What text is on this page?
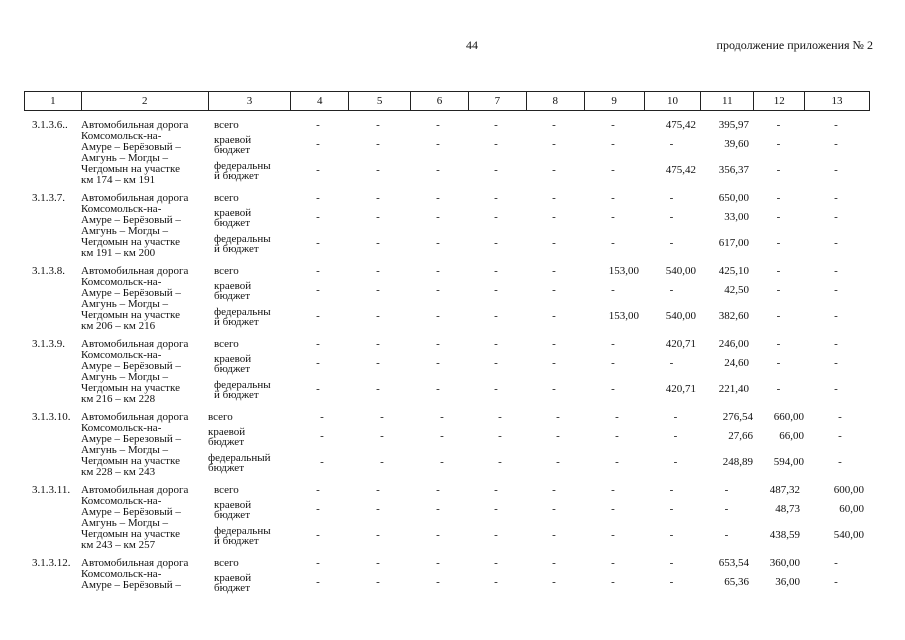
44	продолжение приложения № 2
1	2	3	4	5	6	7	8	9	10	11	12	13
3.1.3.6.. Автомобильная дорога
Комсомольск-на-
Амуре – Берёзовый –
Амгунь – Могды –
Чегдомын на участке
км 174 – км 191
всего	-	-	-	-	-	-	475,42	395,97	-	-
краевой
бюджет	-	-	-	-	-	-	-	39,60	-	-
федеральны
й бюджет	-	-	-	-	-	-	475,42	356,37	-	-
3.1.3.7. Автомобильная дорога
Комсомольск-на-
Амуре – Берёзовый –
Амгунь – Могды –
Чегдомын на участке
км 191 – км 200
всего	-	-	-	-	-	-	-	650,00	-	-
краевой
бюджет	-	-	-	-	-	-	-	33,00	-	-
федеральны
й бюджет	-	-	-	-	-	-	-	617,00	-	-
3.1.3.8. Автомобильная дорога
Комсомольск-на-
Амуре – Берёзовый –
Амгунь – Могды –
Чегдомын на участке
км 206 – км 216
всего	-	-	-	-	-	153,00	540,00	425,10	-	-
краевой
бюджет	-	-	-	-	-	-	-	42,50	-	-
федеральны
й бюджет	-	-	-	-	-	153,00	540,00	382,60	-	-
3.1.3.9. Автомобильная дорога
Комсомольск-на-
Амуре – Берёзовый –
Амгунь – Могды –
Чегдомын на участке
км 216 – км 228
всего	-	-	-	-	-	-	420,71	246,00	-	-
краевой
бюджет	-	-	-	-	-	-	-	24,60	-	-
федеральны
й бюджет	-	-	-	-	-	-	420,71	221,40	-	-
3.1.3.10. Автомобильная дорога
Комсомольск-на-
Амуре – Березовый –
Амгунь – Могды –
Чегдомын на участке
км 228 – км 243
всего	-	-	-	-	-	-	-	276,54	660,00	-
краевой
бюджет	-	-	-	-	-	-	-	27,66	66,00	-
федеральный
бюджет	-	-	-	-	-	-	-	248,89	594,00	-
3.1.3.11. Автомобильная дорога
Комсомольск-на-
Амуре – Берёзовый –
Амгунь – Могды –
Чегдомын на участке
км 243 – км 257
всего	-	-	-	-	-	-	-	-	487,32	600,00
краевой
бюджет	-	-	-	-	-	-	-	-	48,73	60,00
федеральны
й бюджет	-	-	-	-	-	-	-	-	438,59	540,00
3.1.3.12. Автомобильная дорога
Комсомольск-на-
Амуре – Берёзовый –
всего	-	-	-	-	-	-	-	653,54	360,00	-
краевой
бюджет	-	-	-	-	-	-	-	65,36	36,00	-
